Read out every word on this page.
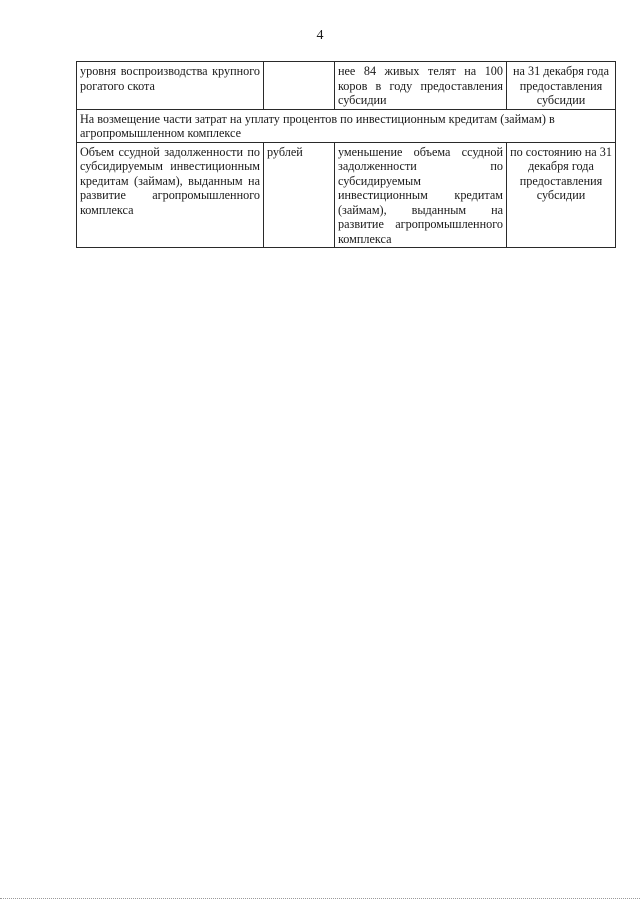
4
уровня воспроизводства крупного рогатого скота		нее 84 живых телят на 100 коров в году предоставления субсидии	на 31 декабря года предоставления субсидии
На возмещение части затрат на уплату процентов по инвестиционным кредитам (займам) в агропромышленном комплексе			
Объем ссудной задолженности по субсидируемым инвестиционным кредитам (займам), выданным на развитие агропромышленного комплекса	рублей	уменьшение объема ссудной задолженности по субсидируемым инвестиционным кредитам (займам), выданным на развитие агропромышленного комплекса	по состоянию на 31 декабря года предоставления субсидии
